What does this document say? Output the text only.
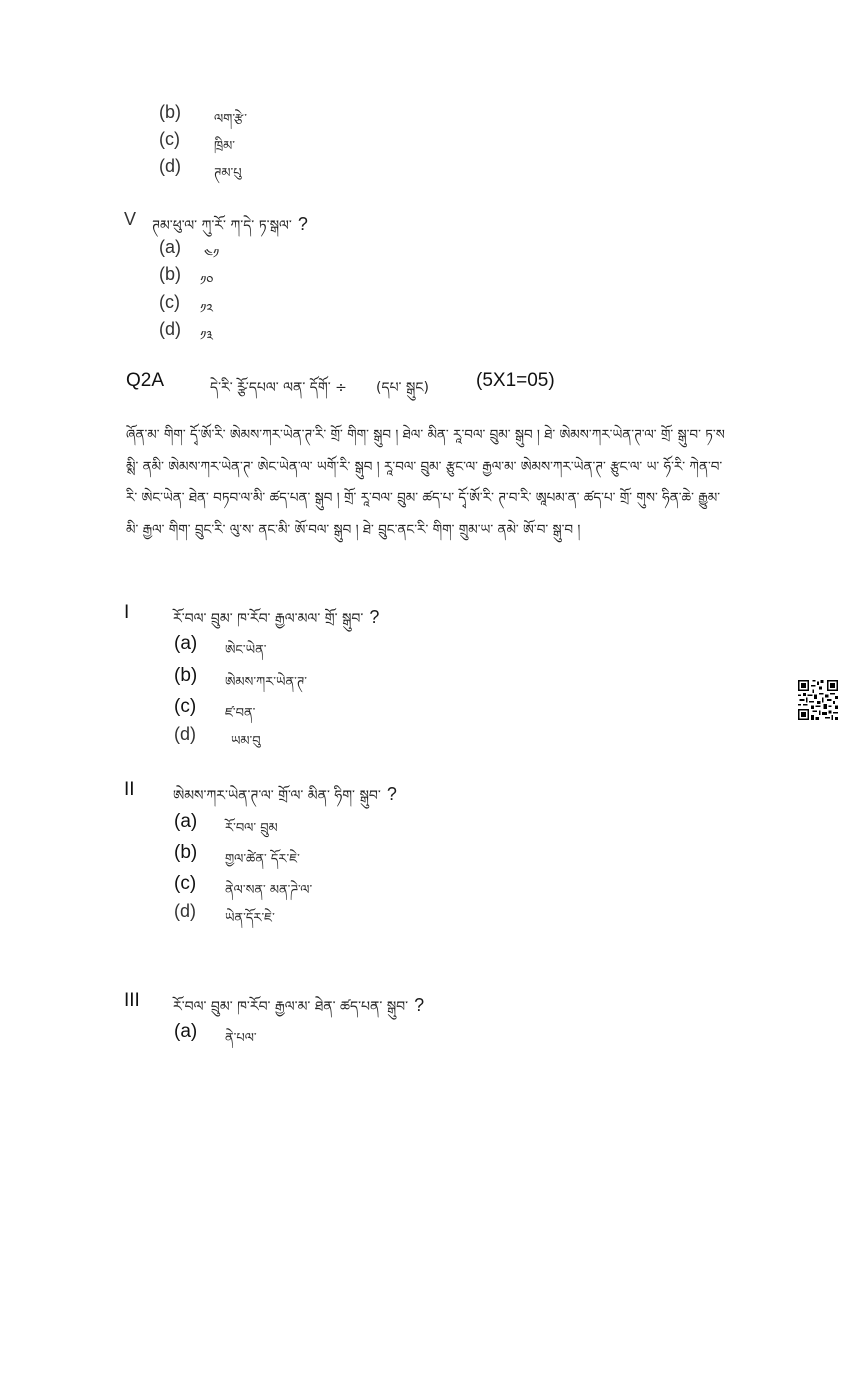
(b)	ལག་རྩེ་
(c)	ཁྲིམ་
(d)	ཊམ་པུ
V ཊམ་ཕུ་ལ་ ཀུ་ཪོ་ ཀ་དེ་ ཏ་སྒལ་ ?
(a) ༤༡
(b) ༡༠
(c) ༡༢
(d) ༡༣
Q2A	དེ་རི་ ཪྩོ་དཔལ་ ལན་ དོགོ་ ÷ (དཔ་ སྒུང) (5X1=05)
ཞོན་མ་ གིག་ དྭོ་ཨོ་རི་ ཨེམས་ཀར་ཡེན་ཊ་རི་ གྲོ་ གིག་ སྒུབ ། ཐེལ་ མིན་ རཱ་བལ་ བྲུམ་ སྒུབ ། ཐེ་ ཨེམས་ཀར་ཡེན་ཊ་ལ་ གྲོ་ སྒུ་བ་ ཏ་སམྶི་ ནམི་ ཨེམས་ཀར་ཡེན་ཊ་ ཨེང་ཡེན་ལ་ ཡགོ་རི་ སྒུབ ། རཱ་བལ་ བྲུམ་ རྩུང་ལ་ རྒྱལ་མ་ ཨེམས་ཀར་ཡེན་ཊ་ རྩུང་ལ་ ཡ་ ཧོ་རི་ ཀེན་བ་རི་ ཨེང་ཡེན་ ཐེན་ བཏབ་ལ་མི་ ཚད་པན་ སྒུབ ། གྲོ་ རཱ་བལ་ བྲུམ་ ཚད་པ་ དྭོ་ཨོ་རི་ ཊ་བ་རི་ ཨཱཔམ་ན་ ཚད་པ་ གྲོ་ གུས་ ཧིན་ཆེ་ རྒྱུམ་མི་ རྒྱལ་ གིག་ བྲུང་རི་ ལུ་ས་ ནང་མི་ ཨོ་བལ་ སྒུབ ། ཐེ་ བྲུང་ནང་རི་ གིག་ གྲུམ་ཡ་ ནམེ་ ཨོ་བ་ སྒུ་བ །
I	ཪོ་བལ་ བྲུམ་ ཁ་ཪོབ་ རྒྱལ་མལ་ གྲོ་ སྒུབ་ ?
(a) ཨེང་ཡེན་
(b) ཨེམས་ཀར་ཡེན་ཊ་
(c) ཛ་བན་
(d)	ཡམ་བུ
II	ཨེམས་ཀར་ཡེན་ཊ་ལ་ གྲོ་ལ་ མིན་ ཧིག་ སྒུབ་ ?
(a) ཪོ་བལ་ བྲུམ
(b) གྱལ་ཚེན་ དོར་ཇེ་
(c) ནེལ་སན་ མན་ཌེ་ལ་
(d) ཡེན་དོར་ཇེ་
III ཪོ་བལ་ བྲུམ་ ཁ་ཪོབ་ རྒྱལ་མ་ ཐེན་ ཚད་པན་ སྒུབ་ ?
(a) ནེ་པལ་
